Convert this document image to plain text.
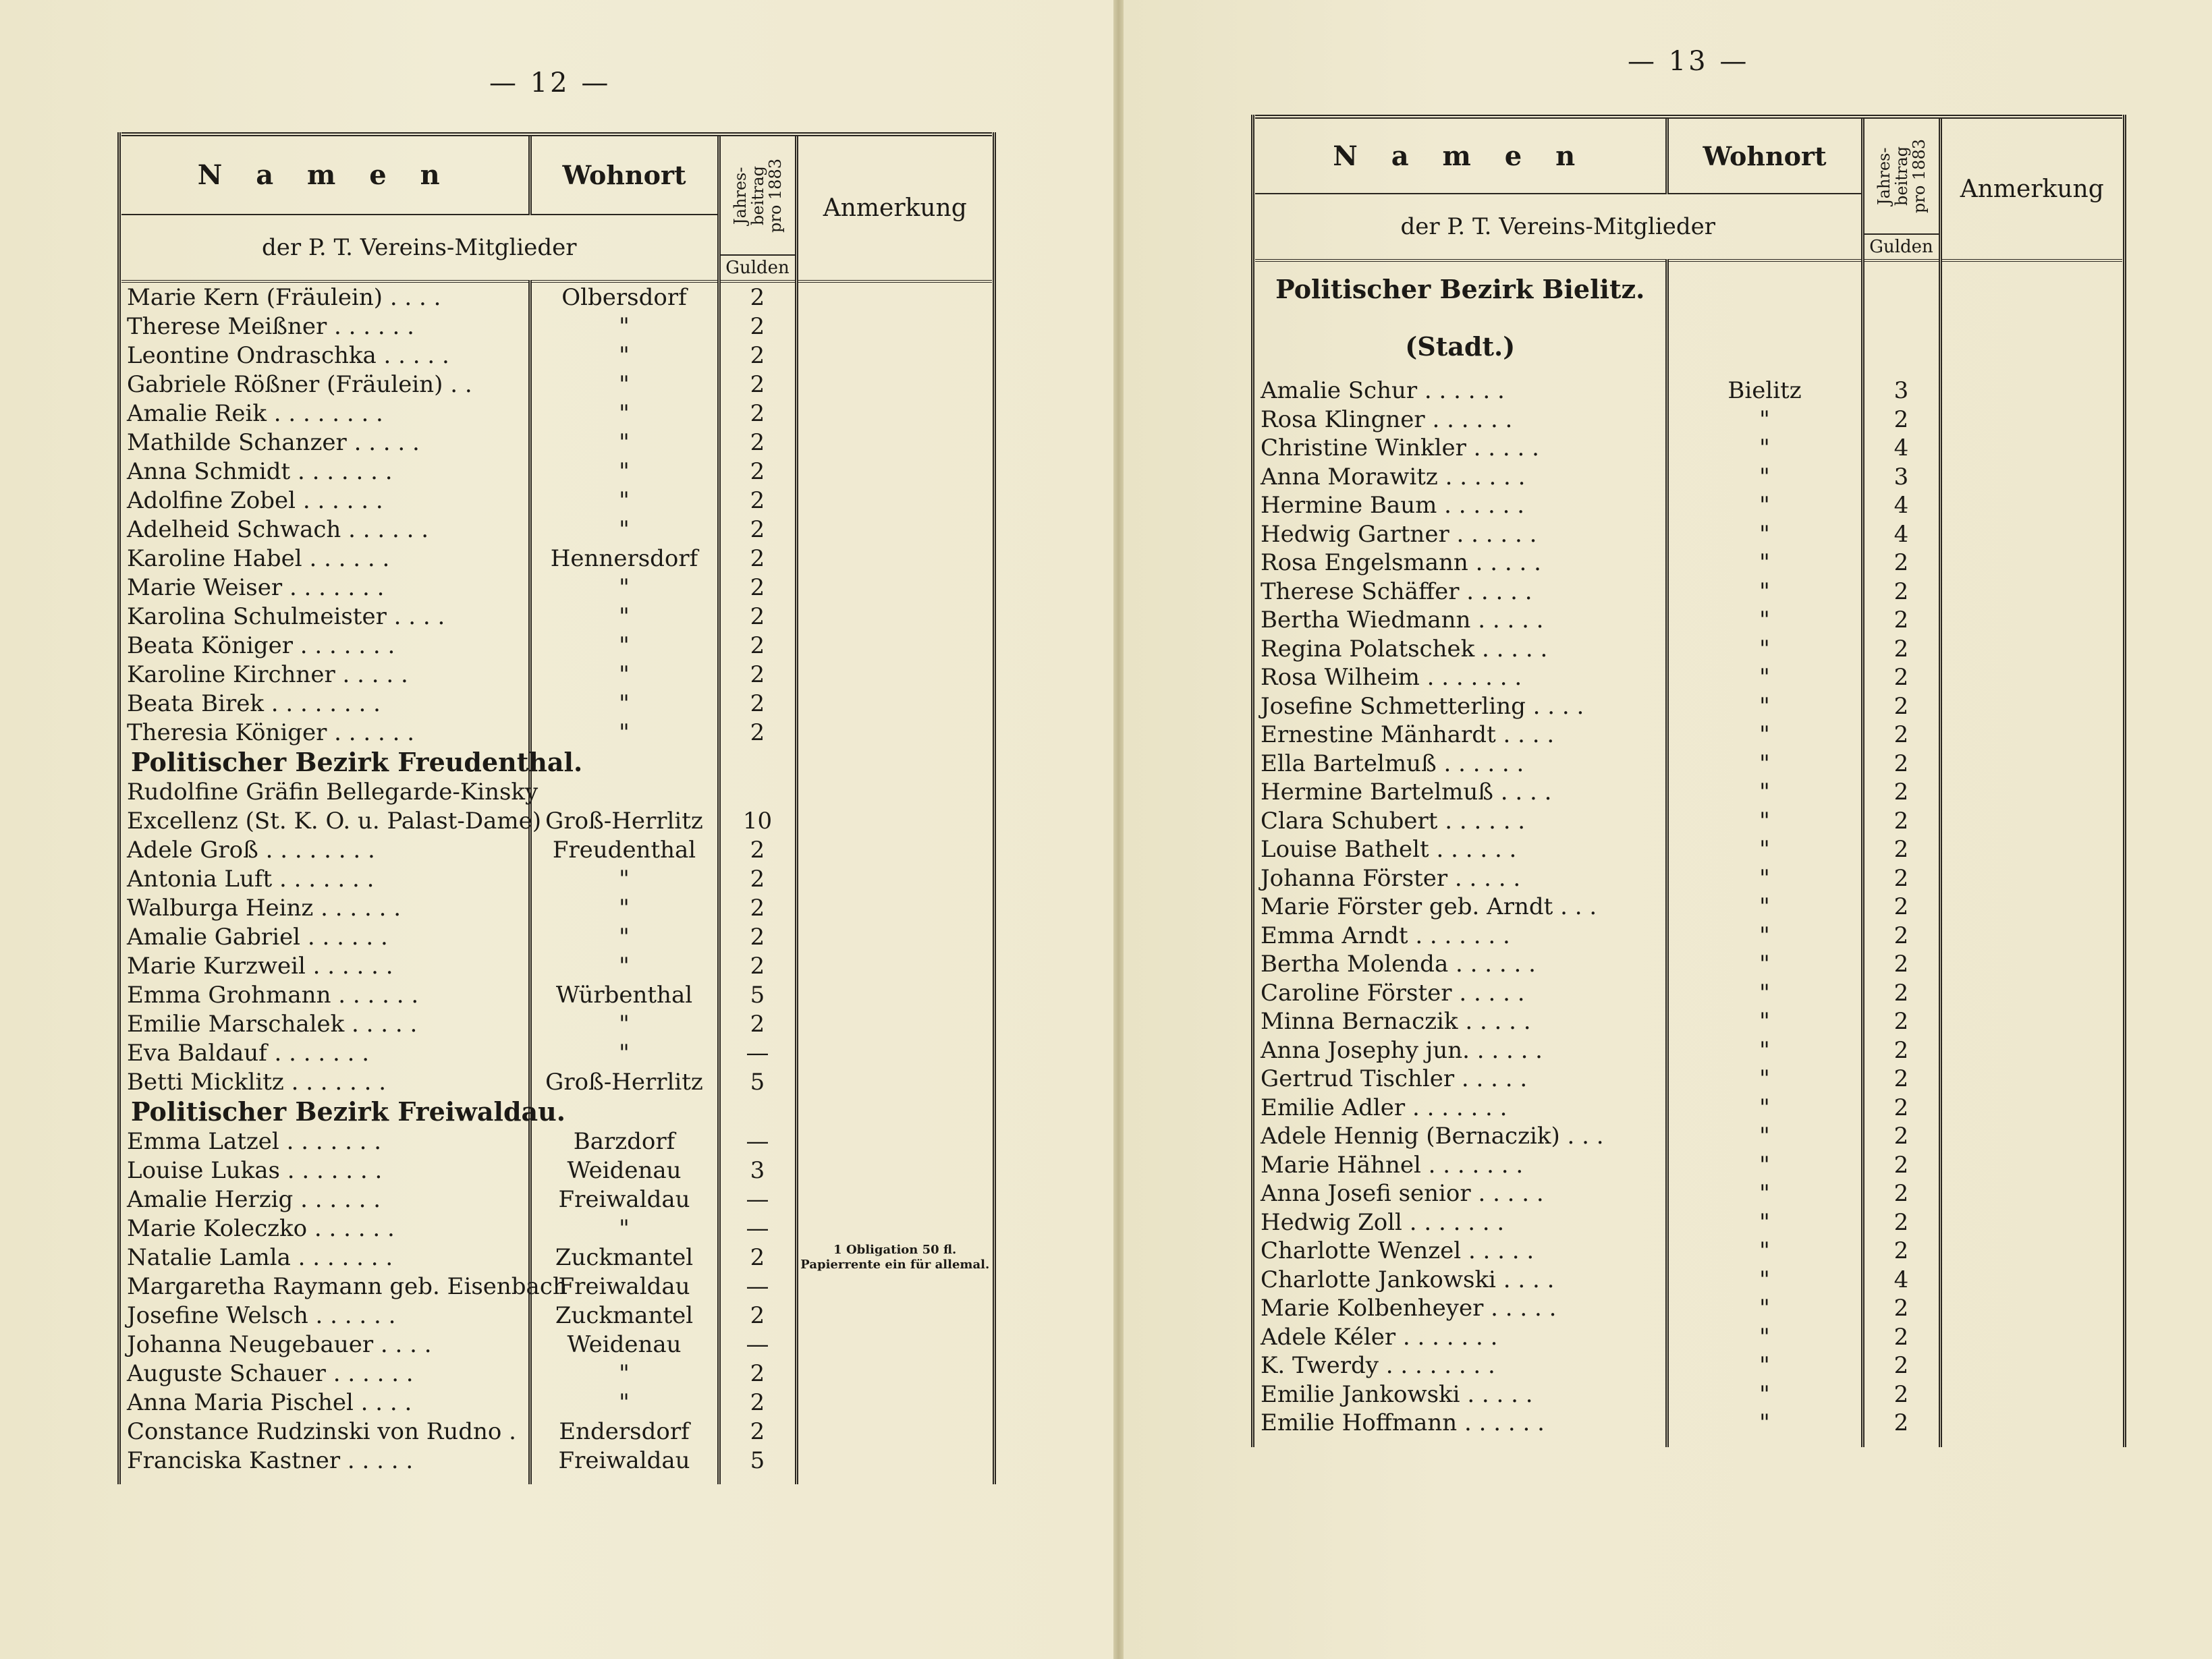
— 12 —
— 13 —
N a m e n	Wohnort	Jahres-
beitrag
pro 1883
Gulden	Anmerkung
der P. T. Vereins-Mitglieder			
Marie Kern (Fräulein) . . . .	Olbersdorf	2	
Therese Meißner . . . . . .	"	2	
Leontine Ondraschka . . . . .	"	2	
Gabriele Rößner (Fräulein) . .	"	2	
Amalie Reik . . . . . . . .	"	2	
Mathilde Schanzer . . . . .	"	2	
Anna Schmidt . . . . . . .	"	2	
Adolfine Zobel . . . . . .	"	2	
Adelheid Schwach . . . . . .	"	2	
Karoline Habel . . . . . .	Hennersdorf	2	
Marie Weiser . . . . . . .	"	2	
Karolina Schulmeister . . . .	"	2	
Beata Königer . . . . . . .	"	2	
Karoline Kirchner . . . . .	"	2	
Beata Birek . . . . . . . .	"	2	
Theresia Königer . . . . . .	"	2	
Politischer Bezirk Freudenthal.			
Rudolfine Gräfin Bellegarde-Kinsky			
Excellenz (St. K. O. u. Palast-Dame)	Groß-Herrlitz	10	
Adele Groß . . . . . . . .	Freudenthal	2	
Antonia Luft . . . . . . .	"	2	
Walburga Heinz . . . . . .	"	2	
Amalie Gabriel . . . . . .	"	2	
Marie Kurzweil . . . . . .	"	2	
Emma Grohmann . . . . . .	Würbenthal	5	
Emilie Marschalek . . . . .	"	2	
Eva Baldauf . . . . . . .	"	—	
Betti Micklitz . . . . . . .	Groß-Herrlitz	5	
Politischer Bezirk Freiwaldau.			
Emma Latzel . . . . . . .	Barzdorf	—	
Louise Lukas . . . . . . .	Weidenau	3	
Amalie Herzig . . . . . .	Freiwaldau	—	
Marie Koleczko . . . . . .	"	—	
Natalie Lamla . . . . . . .	Zuckmantel	2	1 Obligation 50 fl. Papierrente ein für allemal.
Margaretha Raymann geb. Eisenbach	Freiwaldau	—	
Josefine Welsch . . . . . .	Zuckmantel	2	
Johanna Neugebauer . . . .	Weidenau	—	
Auguste Schauer . . . . . .	"	2	
Anna Maria Pischel . . . .	"	2	
Constance Rudzinski von Rudno .	Endersdorf	2	
Franciska Kastner . . . . .	Freiwaldau	5	

N a m e n	Wohnort	Jahres-
beitrag
pro 1883
Gulden	Anmerkung
der P. T. Vereins-Mitglieder			
Politischer Bezirk Bielitz.			
(Stadt.)			
Amalie Schur . . . . . .	Bielitz	3	
Rosa Klingner . . . . . .	"	2	
Christine Winkler . . . . .	"	4	
Anna Morawitz . . . . . .	"	3	
Hermine Baum . . . . . .	"	4	
Hedwig Gartner . . . . . .	"	4	
Rosa Engelsmann . . . . .	"	2	
Therese Schäffer . . . . .	"	2	
Bertha Wiedmann . . . . .	"	2	
Regina Polatschek . . . . .	"	2	
Rosa Wilheim . . . . . . .	"	2	
Josefine Schmetterling . . . .	"	2	
Ernestine Mänhardt . . . .	"	2	
Ella Bartelmuß . . . . . .	"	2	
Hermine Bartelmuß . . . .	"	2	
Clara Schubert . . . . . .	"	2	
Louise Bathelt . . . . . .	"	2	
Johanna Förster . . . . .	"	2	
Marie Förster geb. Arndt . . .	"	2	
Emma Arndt . . . . . . .	"	2	
Bertha Molenda . . . . . .	"	2	
Caroline Förster . . . . .	"	2	
Minna Bernaczik . . . . .	"	2	
Anna Josephy jun. . . . . .	"	2	
Gertrud Tischler . . . . .	"	2	
Emilie Adler . . . . . . .	"	2	
Adele Hennig (Bernaczik) . . .	"	2	
Marie Hähnel . . . . . . .	"	2	
Anna Josefi senior . . . . .	"	2	
Hedwig Zoll . . . . . . .	"	2	
Charlotte Wenzel . . . . .	"	2	
Charlotte Jankowski . . . .	"	4	
Marie Kolbenheyer . . . . .	"	2	
Adele Kéler . . . . . . .	"	2	
K. Twerdy . . . . . . . .	"	2	
Emilie Jankowski . . . . .	"	2	
Emilie Hoffmann . . . . . .	"	2	
